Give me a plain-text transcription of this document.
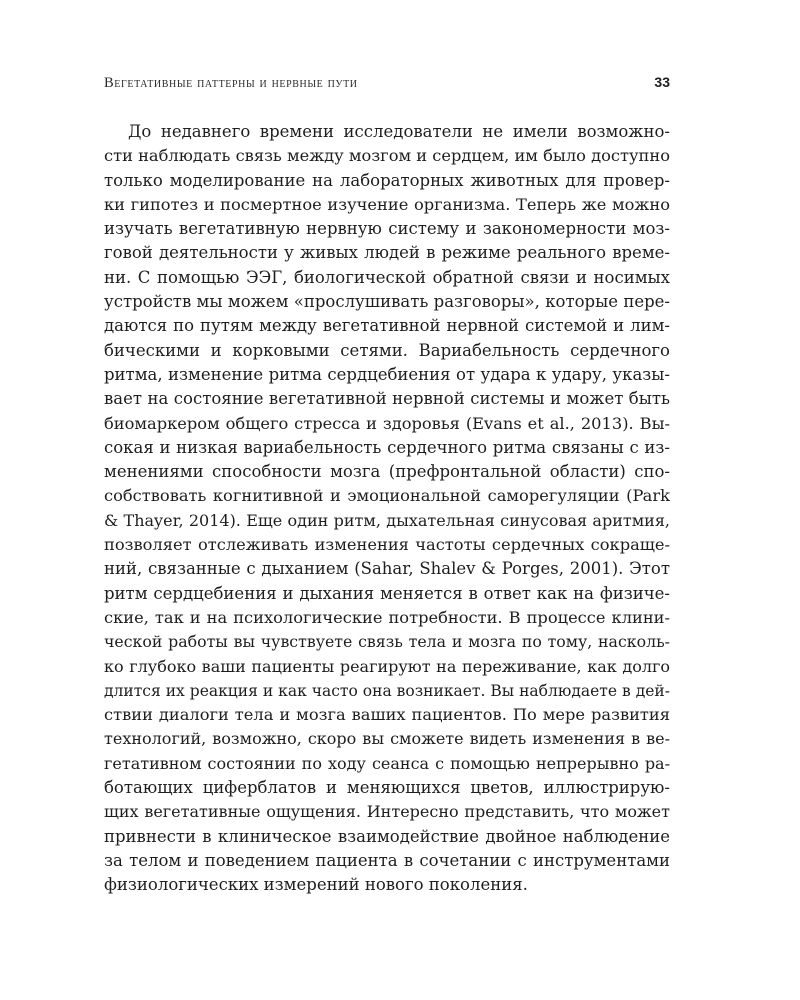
Вегетативные паттерны и нервные пути	33
До недавнего времени исследователи не имели возможно-
сти наблюдать связь между мозгом и сердцем, им было доступно
только моделирование на лабораторных животных для провер-
ки гипотез и посмертное изучение организма. Теперь же можно
изучать вегетативную нервную систему и закономерности моз-
говой деятельности у живых людей в режиме реального време-
ни. С помощью ЭЭГ, биологической обратной связи и носимых
устройств мы можем «прослушивать разговоры», которые пере-
даются по путям между вегетативной нервной системой и лим-
бическими и корковыми сетями. Вариабельность сердечного
ритма, изменение ритма сердцебиения от удара к удару, указы-
вает на состояние вегетативной нервной системы и может быть
биомаркером общего стресса и здоровья (Evans et al., 2013). Вы-
сокая и низкая вариабельность сердечного ритма связаны с из-
менениями способности мозга (префронтальной области) спо-
собствовать когнитивной и эмоциональной саморегуляции (Park
& Thayer, 2014). Еще один ритм, дыхательная синусовая аритмия,
позволяет отслеживать изменения частоты сердечных сокраще-
ний, связанные с дыханием (Sahar, Shalev & Porges, 2001). Этот
ритм сердцебиения и дыхания меняется в ответ как на физиче-
ские, так и на психологические потребности. В процессе клини-
ческой работы вы чувствуете связь тела и мозга по тому, насколь-
ко глубоко ваши пациенты реагируют на переживание, как долго
длится их реакция и как часто она возникает. Вы наблюдаете в дей-
ствии диалоги тела и мозга ваших пациентов. По мере развития
технологий, возможно, скоро вы сможете видеть изменения в ве-
гетативном состоянии по ходу сеанса с помощью непрерывно ра-
ботающих циферблатов и меняющихся цветов, иллюстрирую-
щих вегетативные ощущения. Интересно представить, что может
привнести в клиническое взаимодействие двойное наблюдение
за телом и поведением пациента в сочетании с инструментами
физиологических измерений нового поколения.
